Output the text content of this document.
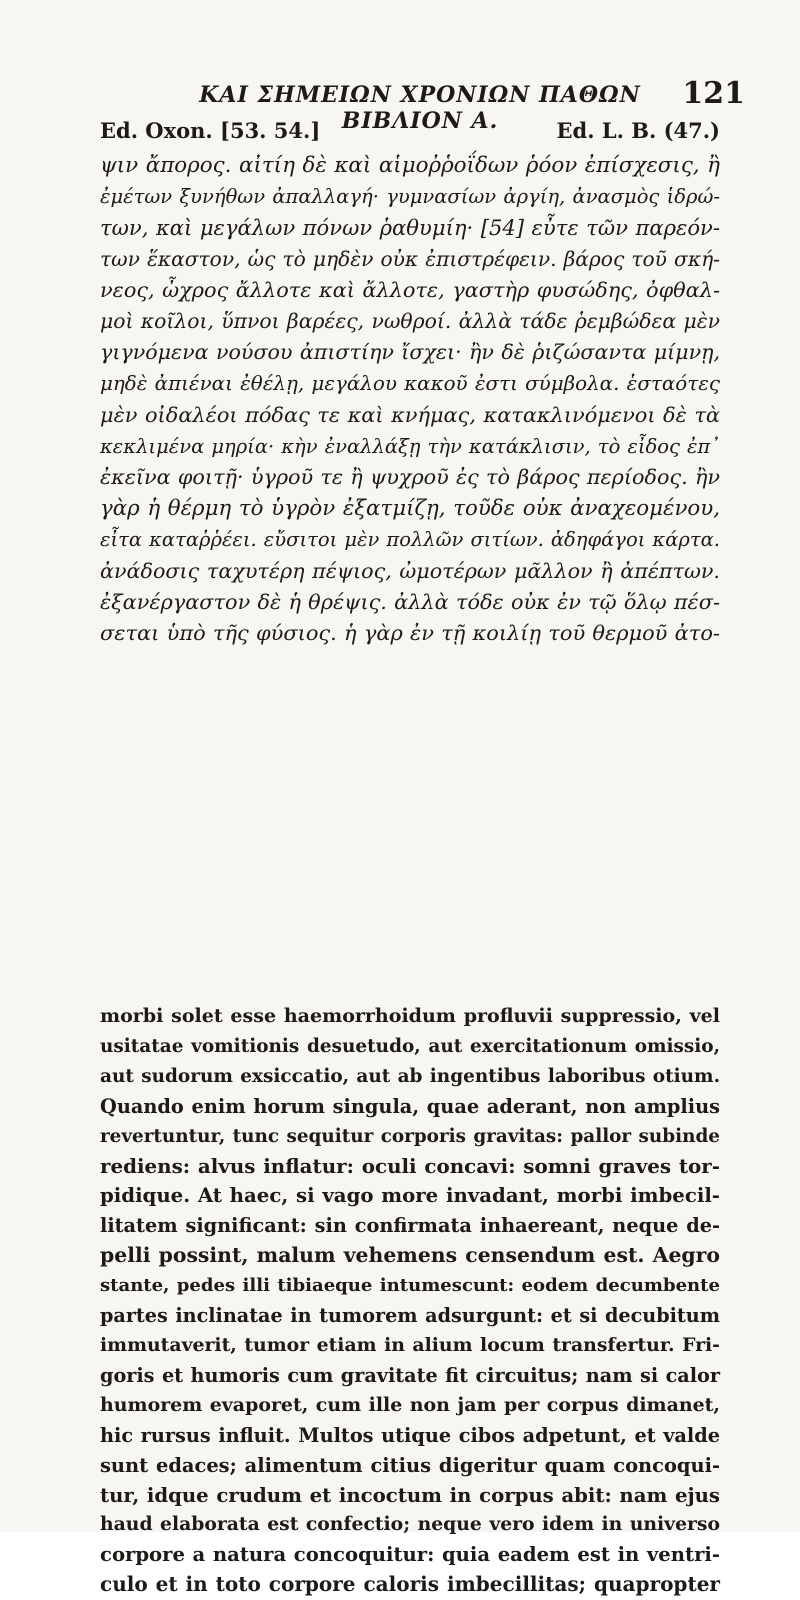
ΚΑΙ ΣΗΜΕΙΩΝ ΧΡΟΝΙΩΝ ΠΑΘΩΝ ΒΙΒΛΙΟΝ Α.
121
Ed. Oxon. [53. 54.]	Ed. L. B. (47.)
ψιν ἄπορος. αἰτίη δὲ καὶ αἱμοῤῥοΐδων ῥόον ἐπίσχεσις, ἢ
ἐμέτων ξυνήθων ἀπαλλαγή· γυμνασίων ἀργίη, ἀνασμὸς ἱδρώ-
των, καὶ μεγάλων πόνων ῥαθυμίη· [54] εὖτε τῶν παρεόν-
των ἕκαστον, ὡς τὸ μηδὲν οὐκ ἐπιστρέφειν. βάρος τοῦ σκή-
νεος, ὦχρος ἄλλοτε καὶ ἄλλοτε, γαστὴρ φυσώδης, ὀφθαλ-
μοὶ κοῖλοι, ὕπνοι βαρέες, νωθροί. ἀλλὰ τάδε ῥεμβώδεα μὲν
γιγνόμενα νούσου ἀπιστίην ἴσχει· ἢν δὲ ῥιζώσαντα μίμνῃ,
μηδὲ ἀπιέναι ἐθέλῃ, μεγάλου κακοῦ ἐστι σύμβολα. ἑσταότες
μὲν οἰδαλέοι πόδας τε καὶ κνήμας, κατακλινόμενοι δὲ τὰ
κεκλιμένα μηρία· κὴν ἐναλλάξῃ τὴν κατάκλισιν, τὸ εἶδος ἐπ᾽
ἐκεῖνα φοιτῇ· ὑγροῦ τε ἢ ψυχροῦ ἐς τὸ βάρος περίοδος. ἢν
γὰρ ἡ θέρμη τὸ ὑγρὸν ἐξατμίζῃ, τοῦδε οὐκ ἀναχεομένου,
εἶτα καταῤῥέει. εὔσιτοι μὲν πολλῶν σιτίων. ἀδηφάγοι κάρτα.
ἀνάδοσις ταχυτέρη πέψιος, ὠμοτέρων μᾶλλον ἢ ἀπέπτων.
ἐξανέργαστον δὲ ἡ θρέψις. ἀλλὰ τόδε οὐκ ἐν τῷ ὅλῳ πέσ-
σεται ὑπὸ τῆς φύσιος. ἡ γὰρ ἐν τῇ κοιλίῃ τοῦ θερμοῦ ἀτο-
morbi solet esse haemorrhoidum profluvii suppressio, vel
usitatae vomitionis desuetudo, aut exercitationum omissio,
aut sudorum exsiccatio, aut ab ingentibus laboribus otium.
Quando enim horum singula, quae aderant, non amplius
revertuntur, tunc sequitur corporis gravitas: pallor subinde
rediens: alvus inflatur: oculi concavi: somni graves tor-
pidique. At haec, si vago more invadant, morbi imbecil-
litatem significant: sin confirmata inhaereant, neque de-
pelli possint, malum vehemens censendum est. Aegro
stante, pedes illi tibiaeque intumescunt: eodem decumbente
partes inclinatae in tumorem adsurgunt: et si decubitum
immutaverit, tumor etiam in alium locum transfertur. Fri-
goris et humoris cum gravitate fit circuitus; nam si calor
humorem evaporet, cum ille non jam per corpus dimanet,
hic rursus influit. Multos utique cibos adpetunt, et valde
sunt edaces; alimentum citius digeritur quam concoqui-
tur, idque crudum et incoctum in corpus abit: nam ejus
haud elaborata est confectio; neque vero idem in universo
corpore a natura concoquitur: quia eadem est in ventri-
culo et in toto corpore caloris imbecillitas; quapropter
